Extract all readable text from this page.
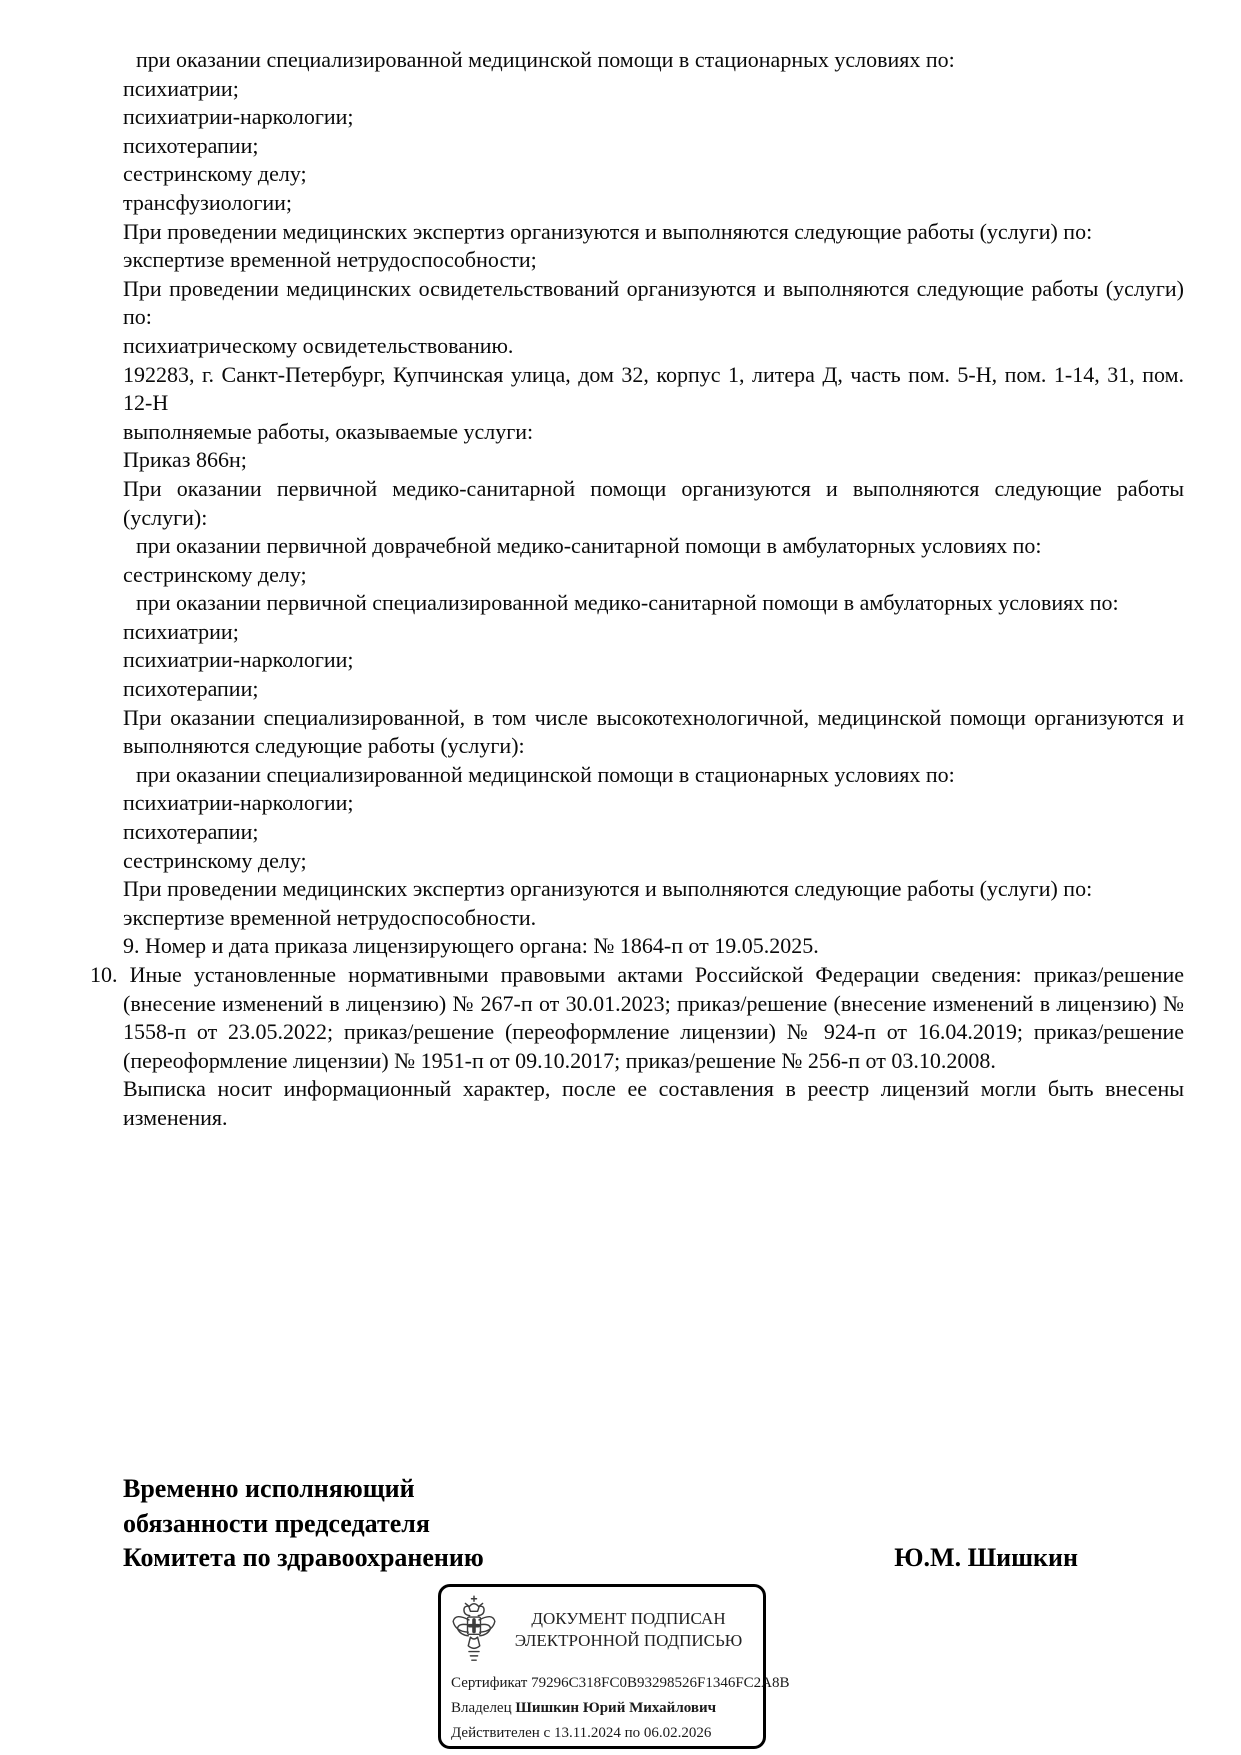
при оказании специализированной медицинской помощи в стационарных условиях по:

психиатрии;

психиатрии-наркологии;

психотерапии;

сестринскому делу;

трансфузиологии;

При проведении медицинских экспертиз организуются и выполняются следующие работы (услуги) по:

экспертизе временной нетрудоспособности;

При проведении медицинских освидетельствований организуются и выполняются следующие работы (услуги) по:

психиатрическому освидетельствованию.

192283, г. Санкт-Петербург, Купчинская улица, дом 32, корпус 1, литера Д, часть пом. 5-Н, пом. 1-14, 31, пом. 12-Н

выполняемые работы, оказываемые услуги:

Приказ 866н;

При оказании первичной медико-санитарной помощи организуются и выполняются следующие работы (услуги):

при оказании первичной доврачебной медико-санитарной помощи в амбулаторных условиях по:

сестринскому делу;

при оказании первичной специализированной медико-санитарной помощи в амбулаторных условиях по:

психиатрии;

психиатрии-наркологии;

психотерапии;

При оказании специализированной, в том числе высокотехнологичной, медицинской помощи организуются и выполняются следующие работы (услуги):

при оказании специализированной медицинской помощи в стационарных условиях по:

психиатрии-наркологии;

психотерапии;

сестринскому делу;

При проведении медицинских экспертиз организуются и выполняются следующие работы (услуги) по:

экспертизе временной нетрудоспособности.

9. Номер и дата приказа лицензирующего органа: № 1864-п от 19.05.2025.

10. Иные установленные нормативными правовыми актами Российской Федерации сведения: приказ/решение (внесение изменений в лицензию) № 267-п от 30.01.2023; приказ/решение (внесение изменений в лицензию) № 1558-п от 23.05.2022; приказ/решение (переоформление лицензии) № 924-п от 16.04.2019; приказ/решение (переоформление лицензии) № 1951-п от 09.10.2017; приказ/решение № 256-п от 03.10.2008.

Выписка носит информационный характер, после ее составления в реестр лицензий могли быть внесены изменения.

Временно исполняющий
обязанности председателя
Комитета по здравоохранению	Ю.М. Шишкин
ДОКУМЕНТ ПОДПИСАН
ЭЛЕКТРОННОЙ ПОДПИСЬЮ
Сертификат 79296C318FC0B93298526F1346FC2A8B
Владелец Шишкин Юрий Михайлович
Действителен с 13.11.2024 по 06.02.2026
